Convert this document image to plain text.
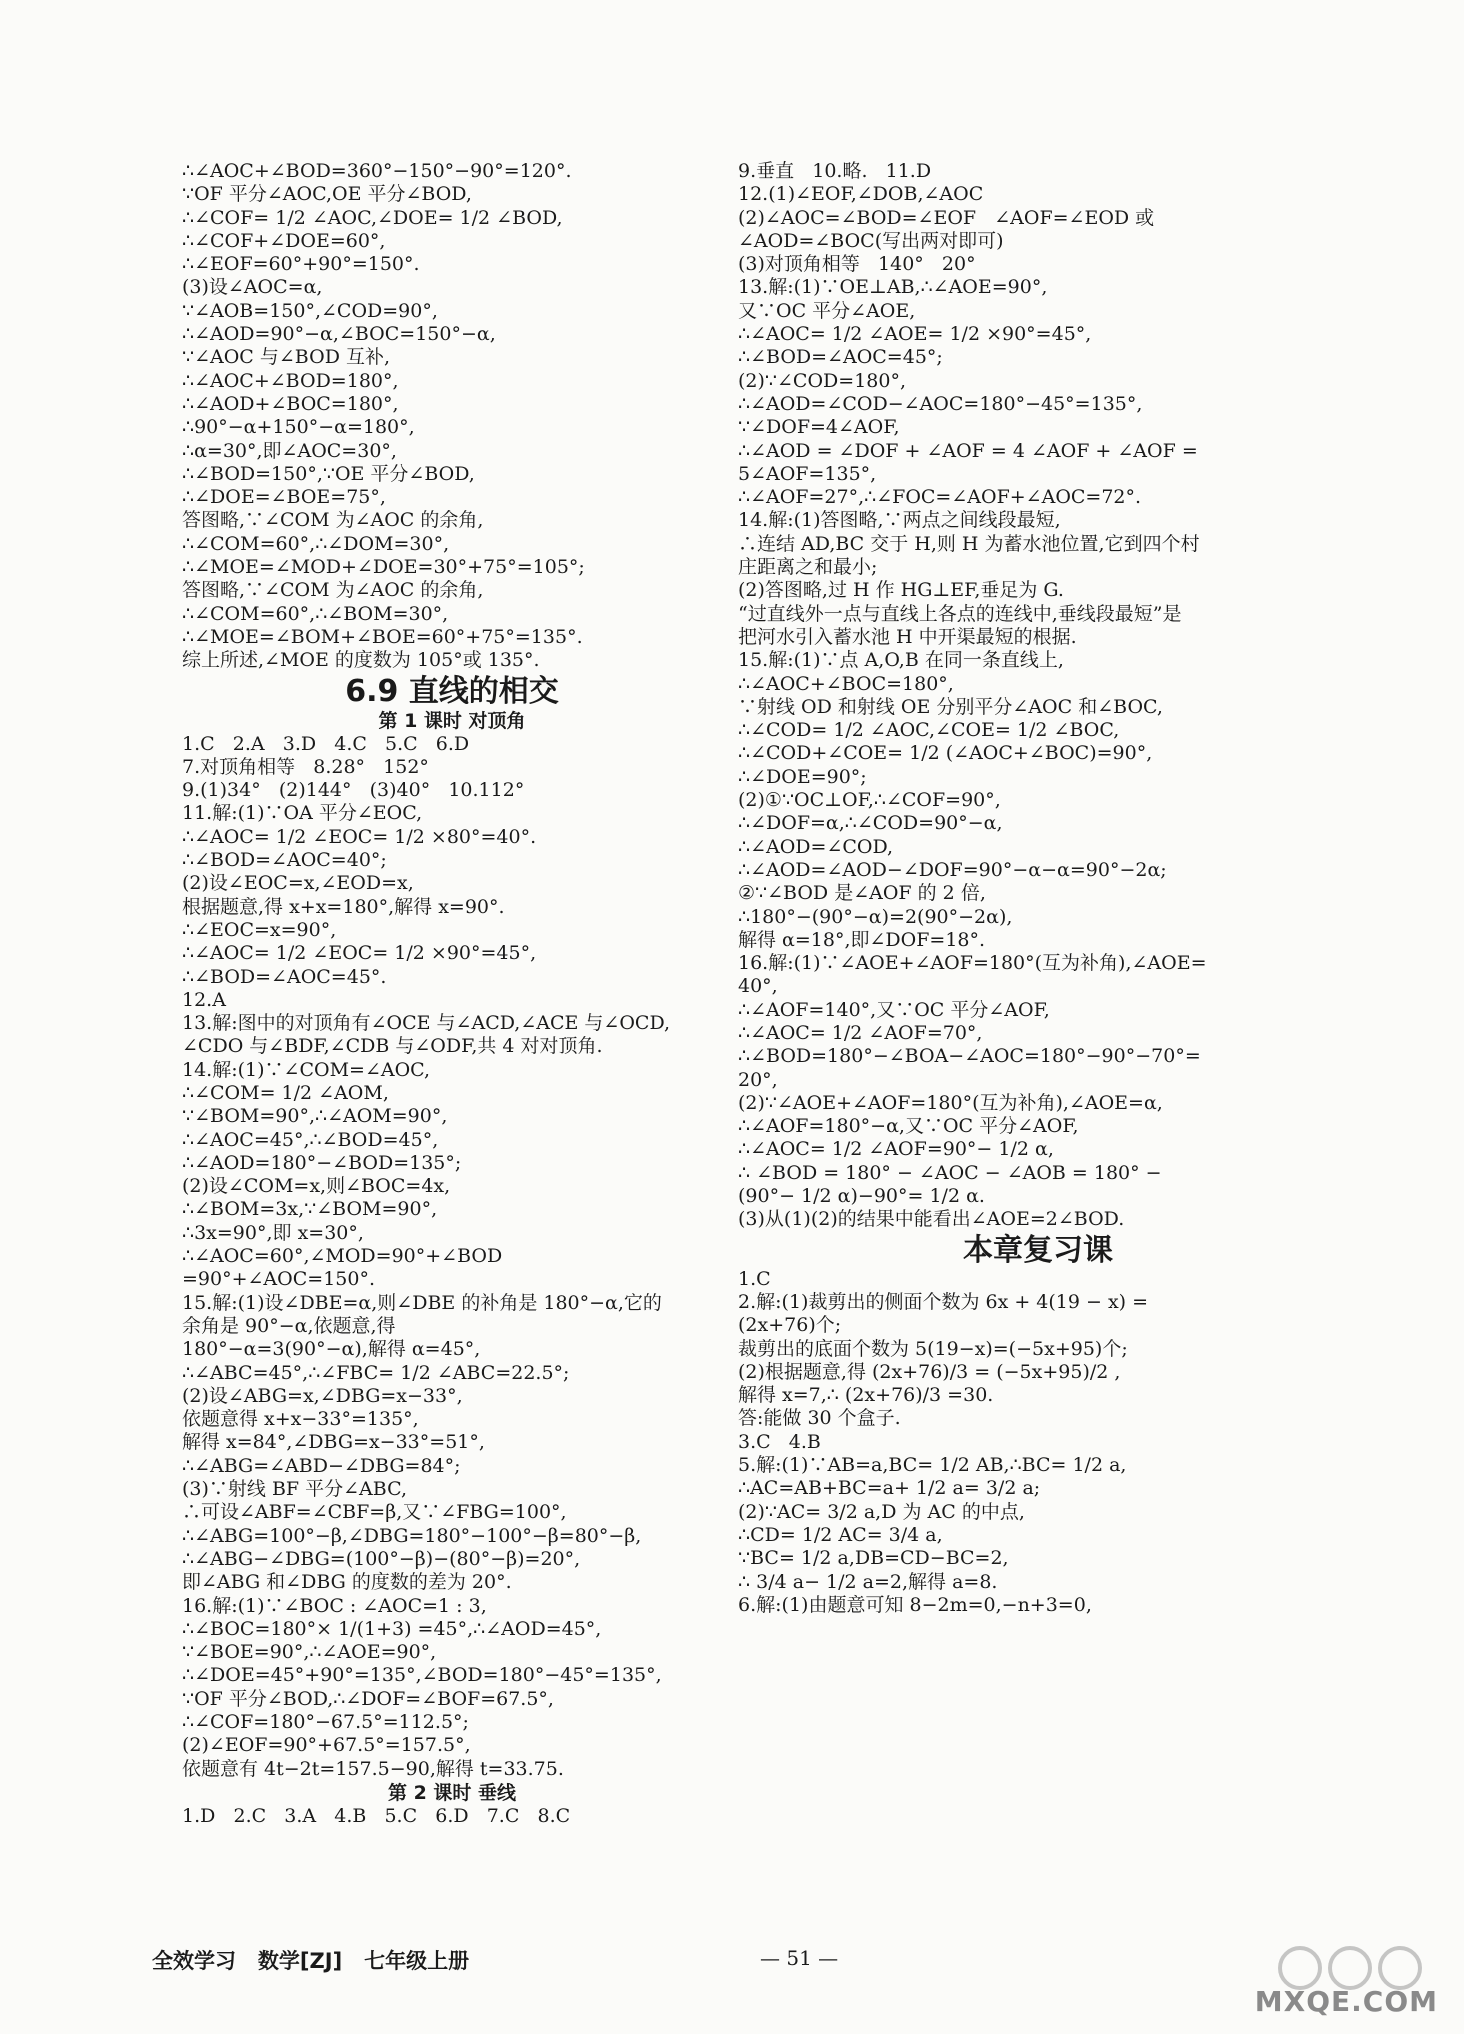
∴∠AOC+∠BOD=360°−150°−90°=120°.
∵OF 平分∠AOC,OE 平分∠BOD,
∴∠COF= 1/2 ∠AOC,∠DOE= 1/2 ∠BOD,
∴∠COF+∠DOE=60°,
∴∠EOF=60°+90°=150°.
(3)设∠AOC=α,
∵∠AOB=150°,∠COD=90°,
∴∠AOD=90°−α,∠BOC=150°−α,
∵∠AOC 与∠BOD 互补,
∴∠AOC+∠BOD=180°,
∴∠AOD+∠BOC=180°,
∴90°−α+150°−α=180°,
∴α=30°,即∠AOC=30°,
∴∠BOD=150°,∵OE 平分∠BOD,
∴∠DOE=∠BOE=75°,
答图略,∵∠COM 为∠AOC 的余角,
∴∠COM=60°,∴∠DOM=30°,
∴∠MOE=∠MOD+∠DOE=30°+75°=105°;
答图略,∵∠COM 为∠AOC 的余角,
∴∠COM=60°,∴∠BOM=30°,
∴∠MOE=∠BOM+∠BOE=60°+75°=135°.
综上所述,∠MOE 的度数为 105°或 135°.
6.9 直线的相交
第 1 课时 对顶角
1.C   2.A   3.D   4.C   5.C   6.D
7.对顶角相等   8.28°   152°
9.(1)34°   (2)144°   (3)40°   10.112°
11.解:(1)∵OA 平分∠EOC,
∴∠AOC= 1/2 ∠EOC= 1/2 ×80°=40°.
∴∠BOD=∠AOC=40°;
(2)设∠EOC=x,∠EOD=x,
根据题意,得 x+x=180°,解得 x=90°.
∴∠EOC=x=90°,
∴∠AOC= 1/2 ∠EOC= 1/2 ×90°=45°,
∴∠BOD=∠AOC=45°.
12.A
13.解:图中的对顶角有∠OCE 与∠ACD,∠ACE 与∠OCD,
∠CDO 与∠BDF,∠CDB 与∠ODF,共 4 对对顶角.
14.解:(1)∵∠COM=∠AOC,
∴∠COM= 1/2 ∠AOM,
∵∠BOM=90°,∴∠AOM=90°,
∴∠AOC=45°,∴∠BOD=45°,
∴∠AOD=180°−∠BOD=135°;
(2)设∠COM=x,则∠BOC=4x,
∴∠BOM=3x,∵∠BOM=90°,
∴3x=90°,即 x=30°,
∴∠AOC=60°,∠MOD=90°+∠BOD
=90°+∠AOC=150°.
15.解:(1)设∠DBE=α,则∠DBE 的补角是 180°−α,它的
余角是 90°−α,依题意,得
180°−α=3(90°−α),解得 α=45°,
∴∠ABC=45°,∴∠FBC= 1/2 ∠ABC=22.5°;
(2)设∠ABG=x,∠DBG=x−33°,
依题意得 x+x−33°=135°,
解得 x=84°,∠DBG=x−33°=51°,
∴∠ABG=∠ABD−∠DBG=84°;
(3)∵射线 BF 平分∠ABC,
∴可设∠ABF=∠CBF=β,又∵∠FBG=100°,
∴∠ABG=100°−β,∠DBG=180°−100°−β=80°−β,
∴∠ABG−∠DBG=(100°−β)−(80°−β)=20°,
即∠ABG 和∠DBG 的度数的差为 20°.
16.解:(1)∵∠BOC : ∠AOC=1 : 3,
∴∠BOC=180°× 1/(1+3) =45°,∴∠AOD=45°,
∵∠BOE=90°,∴∠AOE=90°,
∴∠DOE=45°+90°=135°,∠BOD=180°−45°=135°,
∵OF 平分∠BOD,∴∠DOF=∠BOF=67.5°,
∴∠COF=180°−67.5°=112.5°;
(2)∠EOF=90°+67.5°=157.5°,
依题意有 4t−2t=157.5−90,解得 t=33.75.
第 2 课时 垂线
1.D   2.C   3.A   4.B   5.C   6.D   7.C   8.C
9.垂直   10.略.   11.D
12.(1)∠EOF,∠DOB,∠AOC
(2)∠AOC=∠BOD=∠EOF   ∠AOF=∠EOD 或
∠AOD=∠BOC(写出两对即可)
(3)对顶角相等   140°   20°
13.解:(1)∵OE⊥AB,∴∠AOE=90°,
又∵OC 平分∠AOE,
∴∠AOC= 1/2 ∠AOE= 1/2 ×90°=45°,
∴∠BOD=∠AOC=45°;
(2)∵∠COD=180°,
∴∠AOD=∠COD−∠AOC=180°−45°=135°,
∵∠DOF=4∠AOF,
∴∠AOD = ∠DOF + ∠AOF = 4 ∠AOF + ∠AOF =
5∠AOF=135°,
∴∠AOF=27°,∴∠FOC=∠AOF+∠AOC=72°.
14.解:(1)答图略,∵两点之间线段最短,
∴连结 AD,BC 交于 H,则 H 为蓄水池位置,它到四个村
庄距离之和最小;
(2)答图略,过 H 作 HG⊥EF,垂足为 G.
“过直线外一点与直线上各点的连线中,垂线段最短”是
把河水引入蓄水池 H 中开渠最短的根据.
15.解:(1)∵点 A,O,B 在同一条直线上,
∴∠AOC+∠BOC=180°,
∵射线 OD 和射线 OE 分别平分∠AOC 和∠BOC,
∴∠COD= 1/2 ∠AOC,∠COE= 1/2 ∠BOC,
∴∠COD+∠COE= 1/2 (∠AOC+∠BOC)=90°,
∴∠DOE=90°;
(2)①∵OC⊥OF,∴∠COF=90°,
∴∠DOF=α,∴∠COD=90°−α,
∴∠AOD=∠COD,
∴∠AOD=∠AOD−∠DOF=90°−α−α=90°−2α;
②∵∠BOD 是∠AOF 的 2 倍,
∴180°−(90°−α)=2(90°−2α),
解得 α=18°,即∠DOF=18°.
16.解:(1)∵∠AOE+∠AOF=180°(互为补角),∠AOE=
40°,
∴∠AOF=140°,又∵OC 平分∠AOF,
∴∠AOC= 1/2 ∠AOF=70°,
∴∠BOD=180°−∠BOA−∠AOC=180°−90°−70°=
20°,
(2)∵∠AOE+∠AOF=180°(互为补角),∠AOE=α,
∴∠AOF=180°−α,又∵OC 平分∠AOF,
∴∠AOC= 1/2 ∠AOF=90°− 1/2 α,
∴ ∠BOD = 180° − ∠AOC − ∠AOB = 180° −
(90°− 1/2 α)−90°= 1/2 α.
(3)从(1)(2)的结果中能看出∠AOE=2∠BOD.
本章复习课
1.C
2.解:(1)裁剪出的侧面个数为 6x + 4(19 − x) =
(2x+76)个;
裁剪出的底面个数为 5(19−x)=(−5x+95)个;
(2)根据题意,得 (2x+76)/3 = (−5x+95)/2 ,
解得 x=7,∴ (2x+76)/3 =30.
答:能做 30 个盒子.
3.C   4.B
5.解:(1)∵AB=a,BC= 1/2 AB,∴BC= 1/2 a,
∴AC=AB+BC=a+ 1/2 a= 3/2 a;
(2)∵AC= 3/2 a,D 为 AC 的中点,
∴CD= 1/2 AC= 3/4 a,
∵BC= 1/2 a,DB=CD−BC=2,
∴ 3/4 a− 1/2 a=2,解得 a=8.
6.解:(1)由题意可知 8−2m=0,−n+3=0,
全效学习   数学[ZJ]   七年级上册	— 51 —
MXQE.COM
